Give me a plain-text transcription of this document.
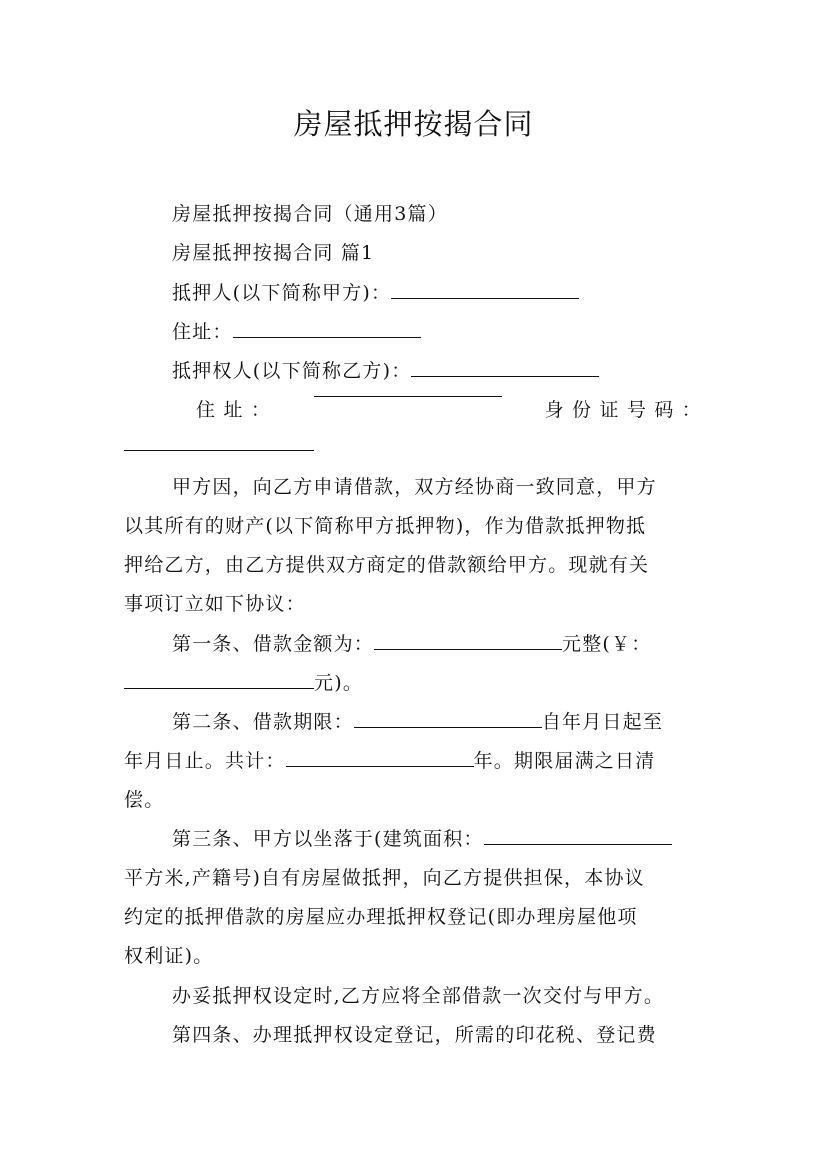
房屋抵押按揭合同
房屋抵押按揭合同（通用3篇）
房屋抵押按揭合同 篇1
抵押人(以下简称甲方)：
住址：
抵押权人(以下简称乙方)：
住 址 ：	身 份 证 号 码 ：
甲方因，向乙方申请借款，双方经协商一致同意，甲方
以其所有的财产(以下简称甲方抵押物)，作为借款抵押物抵
押给乙方，由乙方提供双方商定的借款额给甲方。现就有关
事项订立如下协议：
第一条、借款金额为：	元整(￥：
元)。
第二条、借款期限：	自年月日起至
年月日止。共计：	年。期限届满之日清
偿。
第三条、甲方以坐落于(建筑面积：
平方米,产籍号)自有房屋做抵押，向乙方提供担保，本协议
约定的抵押借款的房屋应办理抵押权登记(即办理房屋他项
权利证)。
办妥抵押权设定时,乙方应将全部借款一次交付与甲方。
第四条、办理抵押权设定登记，所需的印花税、登记费
